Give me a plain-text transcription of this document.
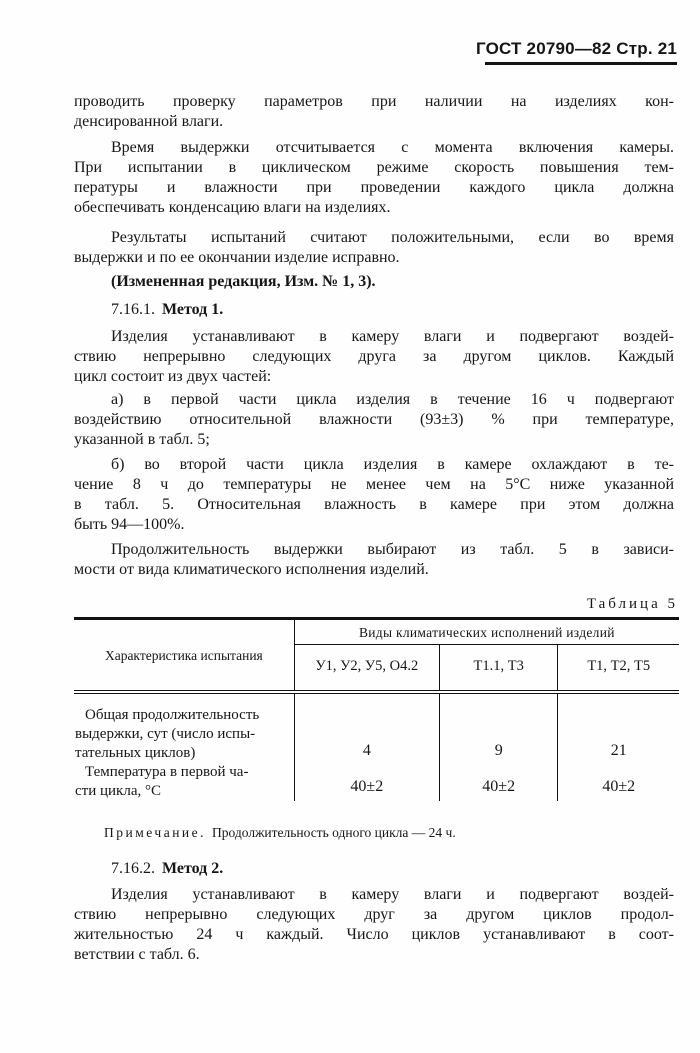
ГОСТ 20790—82 Стр. 21
проводить проверку параметров при наличии на изделиях кон-
денсированной влаги.
Время выдержки отсчитывается с момента включения камеры.
При испытании в циклическом режиме скорость повышения тем-
пературы и влажности при проведении каждого цикла должна
обеспечивать конденсацию влаги на изделиях.
Результаты испытаний считают положительными, если во время
выдержки и по ее окончании изделие исправно.
(Измененная редакция, Изм. № 1, 3).
7.16.1. Метод 1.
Изделия устанавливают в камеру влаги и подвергают воздей-
ствию непрерывно следующих друга за другом циклов. Каждый
цикл состоит из двух частей:
а) в первой части цикла изделия в течение 16 ч подвергают
воздействию относительной влажности (93±3) % при температуре,
указанной в табл. 5;
б) во второй части цикла изделия в камере охлаждают в те-
чение 8 ч до температуры не менее чем на 5°С ниже указанной
в табл. 5. Относительная влажность в камере при этом должна
быть 94—100%.
Продолжительность выдержки выбирают из табл. 5 в зависи-
мости от вида климатического исполнения изделий.
Таблица 5
Характеристика испытания	Виды климатических исполнений изделий		
	У1, У2, У5, О4.2	Т1.1, Т3	Т1, Т2, Т5

Общая продолжительность
выдержки, сут (число испы-
тательных циклов)	4	9	21

Температура в первой ча-
сти цикла, °С	40±2	40±2	40±2
Примечание. Продолжительность одного цикла — 24 ч.
7.16.2. Метод 2.
Изделия устанавливают в камеру влаги и подвергают воздей-
ствию непрерывно следующих друг за другом циклов продол-
жительностью 24 ч каждый. Число циклов устанавливают в соот-
ветствии с табл. 6.
